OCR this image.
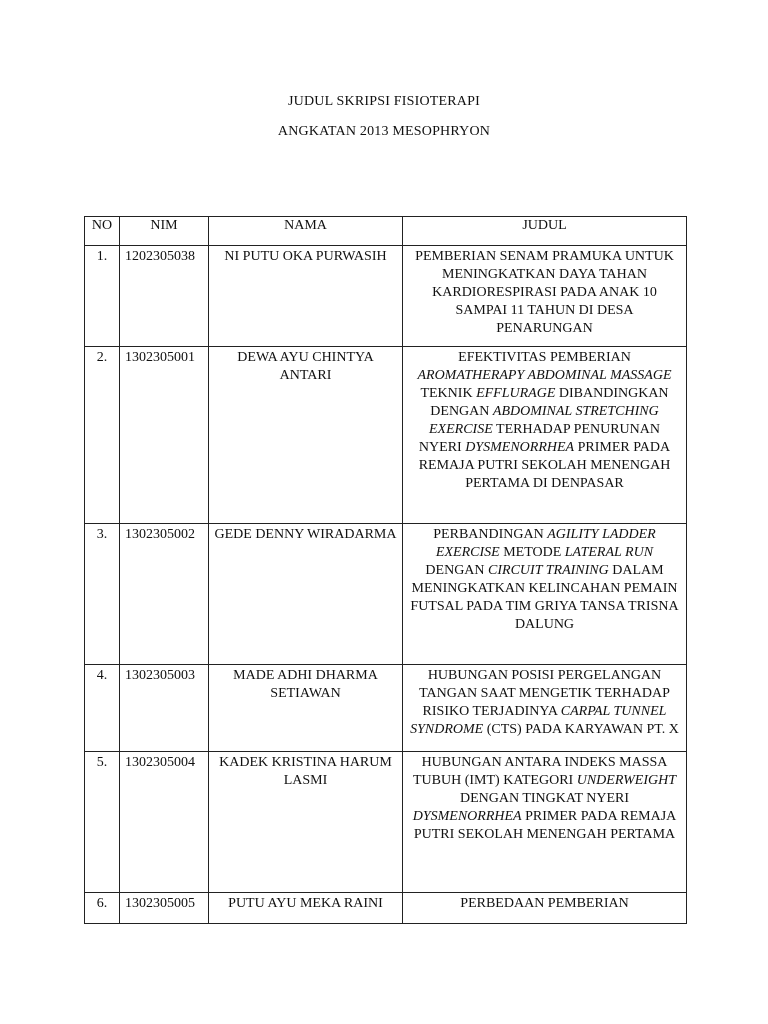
JUDUL SKRIPSI FISIOTERAPI
ANGKATAN 2013 MESOPHRYON
NO	NIM	NAMA	JUDUL
1.	1202305038	NI PUTU OKA PURWASIH	PEMBERIAN SENAM PRAMUKA UNTUK MENINGKATKAN DAYA TAHAN KARDIORESPIRASI PADA ANAK 10 SAMPAI 11 TAHUN DI DESA PENARUNGAN
2.	1302305001	DEWA AYU CHINTYA ANTARI	EFEKTIVITAS PEMBERIAN AROMATHERAPY ABDOMINAL MASSAGE TEKNIK EFFLURAGE DIBANDINGKAN DENGAN ABDOMINAL STRETCHING EXERCISE TERHADAP PENURUNAN NYERI DYSMENORRHEA PRIMER PADA REMAJA PUTRI SEKOLAH MENENGAH PERTAMA DI DENPASAR
3.	1302305002	GEDE DENNY WIRADARMA	PERBANDINGAN AGILITY LADDER EXERCISE METODE LATERAL RUN DENGAN CIRCUIT TRAINING DALAM MENINGKATKAN KELINCAHAN PEMAIN FUTSAL PADA TIM GRIYA TANSA TRISNA DALUNG
4.	1302305003	MADE ADHI DHARMA SETIAWAN	HUBUNGAN POSISI PERGELANGAN TANGAN SAAT MENGETIK TERHADAP RISIKO TERJADINYA CARPAL TUNNEL SYNDROME (CTS) PADA KARYAWAN PT. X
5.	1302305004	KADEK KRISTINA HARUM LASMI	HUBUNGAN ANTARA INDEKS MASSA TUBUH (IMT) KATEGORI UNDERWEIGHT DENGAN TINGKAT NYERI DYSMENORRHEA PRIMER PADA REMAJA PUTRI SEKOLAH MENENGAH PERTAMA
6.	1302305005	PUTU AYU MEKA RAINI	PERBEDAAN PEMBERIAN
